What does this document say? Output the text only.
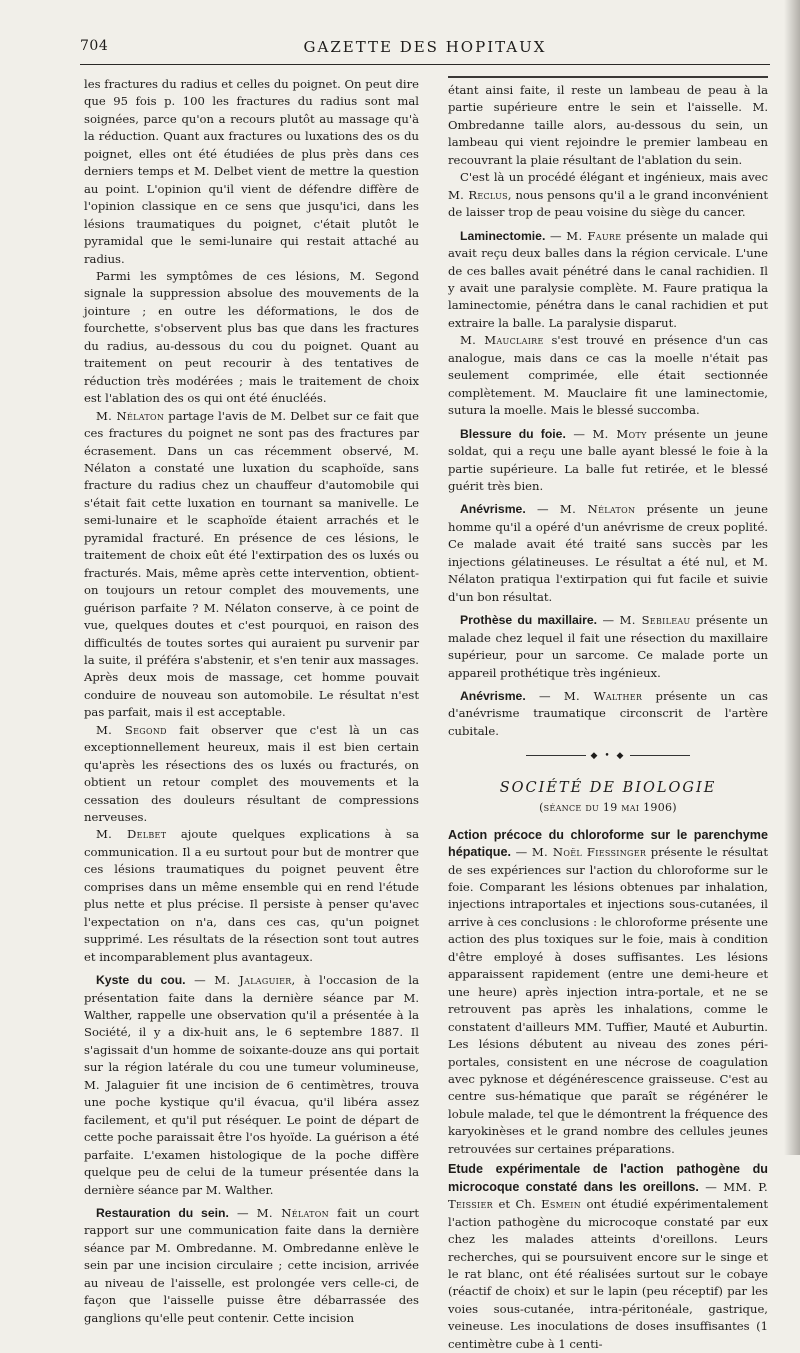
704	GAZETTE DES HOPITAUX

les fractures du radius et celles du poignet. On peut dire que 95 fois p. 100 les fractures du radius sont mal soignées, parce qu'on a recours plutôt au massage qu'à la réduction. Quant aux fractures ou luxations des os du poignet, elles ont été étudiées de plus près dans ces derniers temps et M. Delbet vient de mettre la question au point. L'opinion qu'il vient de défendre diffère de l'opinion classique en ce sens que jusqu'ici, dans les lésions traumatiques du poignet, c'était plutôt le pyramidal que le semi-lunaire qui restait attaché au radius.

Parmi les symptômes de ces lésions, M. Segond signale la suppression absolue des mouvements de la jointure ; en outre les déformations, le dos de fourchette, s'observent plus bas que dans les fractures du radius, au-dessous du cou du poignet. Quant au traitement on peut recourir à des tentatives de réduction très modérées ; mais le traitement de choix est l'ablation des os qui ont été énucléés.

M. Nélaton partage l'avis de M. Delbet sur ce fait que ces fractures du poignet ne sont pas des fractures par écrasement. Dans un cas récemment observé, M. Nélaton a constaté une luxation du scaphoïde, sans fracture du radius chez un chauffeur d'automobile qui s'était fait cette luxation en tournant sa manivelle. Le semi-lunaire et le scaphoïde étaient arrachés et le pyramidal fracturé. En présence de ces lésions, le traitement de choix eût été l'extirpation des os luxés ou fracturés. Mais, même après cette intervention, obtient-on toujours un retour complet des mouvements, une guérison parfaite ? M. Nélaton conserve, à ce point de vue, quelques doutes et c'est pourquoi, en raison des difficultés de toutes sortes qui auraient pu survenir par la suite, il préféra s'abstenir, et s'en tenir aux massages. Après deux mois de massage, cet homme pouvait conduire de nouveau son automobile. Le résultat n'est pas parfait, mais il est acceptable.

M. Segond fait observer que c'est là un cas exceptionnellement heureux, mais il est bien certain qu'après les résections des os luxés ou fracturés, on obtient un retour complet des mouvements et la cessation des douleurs résultant de compressions nerveuses.

M. Delbet ajoute quelques explications à sa communication. Il a eu surtout pour but de montrer que ces lésions traumatiques du poignet peuvent être comprises dans un même ensemble qui en rend l'étude plus nette et plus précise. Il persiste à penser qu'avec l'expectation on n'a, dans ces cas, qu'un poignet supprimé. Les résultats de la résection sont tout autres et incomparablement plus avantageux.

Kyste du cou. — M. Jalaguier, à l'occasion de la présentation faite dans la dernière séance par M. Walther, rappelle une observation qu'il a présentée à la Société, il y a dix-huit ans, le 6 septembre 1887. Il s'agissait d'un homme de soixante-douze ans qui portait sur la région latérale du cou une tumeur volumineuse, M. Jalaguier fit une incision de 6 centimètres, trouva une poche kystique qu'il évacua, qu'il libéra assez facilement, et qu'il put réséquer. Le point de départ de cette poche paraissait être l'os hyoïde. La guérison a été parfaite. L'examen histologique de la poche diffère quelque peu de celui de la tumeur présentée dans la dernière séance par M. Walther.

Restauration du sein. — M. Nélaton fait un court rapport sur une communication faite dans la dernière séance par M. Ombredanne. M. Ombredanne enlève le sein par une incision circulaire ; cette incision, arrivée au niveau de l'aisselle, est prolongée vers celle-ci, de façon que l'aisselle puisse être débarrassée des ganglions qu'elle peut contenir. Cette incision

étant ainsi faite, il reste un lambeau de peau à la partie supérieure entre le sein et l'aisselle. M. Ombredanne taille alors, au-dessous du sein, un lambeau qui vient rejoindre le premier lambeau en recouvrant la plaie résultant de l'ablation du sein.

C'est là un procédé élégant et ingénieux, mais avec M. Reclus, nous pensons qu'il a le grand inconvénient de laisser trop de peau voisine du siège du cancer.

Laminectomie. — M. Faure présente un malade qui avait reçu deux balles dans la région cervicale. L'une de ces balles avait pénétré dans le canal rachidien. Il y avait une paralysie complète. M. Faure pratiqua la laminectomie, pénétra dans le canal rachidien et put extraire la balle. La paralysie disparut.

M. Mauclaire s'est trouvé en présence d'un cas analogue, mais dans ce cas la moelle n'était pas seulement comprimée, elle était sectionnée complètement. M. Mauclaire fit une laminectomie, sutura la moelle. Mais le blessé succomba.

Blessure du foie. — M. Moty présente un jeune soldat, qui a reçu une balle ayant blessé le foie à la partie supérieure. La balle fut retirée, et le blessé guérit très bien.

Anévrisme. — M. Nélaton présente un jeune homme qu'il a opéré d'un anévrisme de creux poplité. Ce malade avait été traité sans succès par les injections gélatineuses. Le résultat a été nul, et M. Nélaton pratiqua l'extirpation qui fut facile et suivie d'un bon résultat.

Prothèse du maxillaire. — M. Sebileau présente un malade chez lequel il fait une résection du maxillaire supérieur, pour un sarcome. Ce malade porte un appareil prothétique très ingénieux.

Anévrisme. — M. Walther présente un cas d'anévrisme traumatique circonscrit de l'artère cubitale.

◆ • ◆

SOCIÉTÉ DE BIOLOGIE

(séance du 19 mai 1906)

Action précoce du chloroforme sur le parenchyme hépatique. — M. Noël Fiessinger présente le résultat de ses expériences sur l'action du chloroforme sur le foie. Comparant les lésions obtenues par inhalation, injections intraportales et injections sous-cutanées, il arrive à ces conclusions : le chloroforme présente une action des plus toxiques sur le foie, mais à condition d'être employé à doses suffisantes. Les lésions apparaissent rapidement (entre une demi-heure et une heure) après injection intra-portale, et ne se retrouvent pas après les inhalations, comme le constatent d'ailleurs MM. Tuffier, Mauté et Auburtin. Les lésions débutent au niveau des zones péri-portales, consistent en une nécrose de coagulation avec pyknose et dégénérescence graisseuse. C'est au centre sus-hématique que paraît se régénérer le lobule malade, tel que le démontrent la fréquence des karyokinèses et le grand nombre des cellules jeunes retrouvées sur certaines préparations.

Etude expérimentale de l'action pathogène du microcoque constaté dans les oreillons. — MM. P. Teissier et Ch. Esmein ont étudié expérimentalement l'action pathogène du microcoque constaté par eux chez les malades atteints d'oreillons. Leurs recherches, qui se poursuivent encore sur le singe et le rat blanc, ont été réalisées surtout sur le cobaye (réactif de choix) et sur le lapin (peu réceptif) par les voies sous-cutanée, intra-péritonéale, gastrique, veineuse. Les inoculations de doses insuffisantes (1 centimètre cube à 1 centi-
